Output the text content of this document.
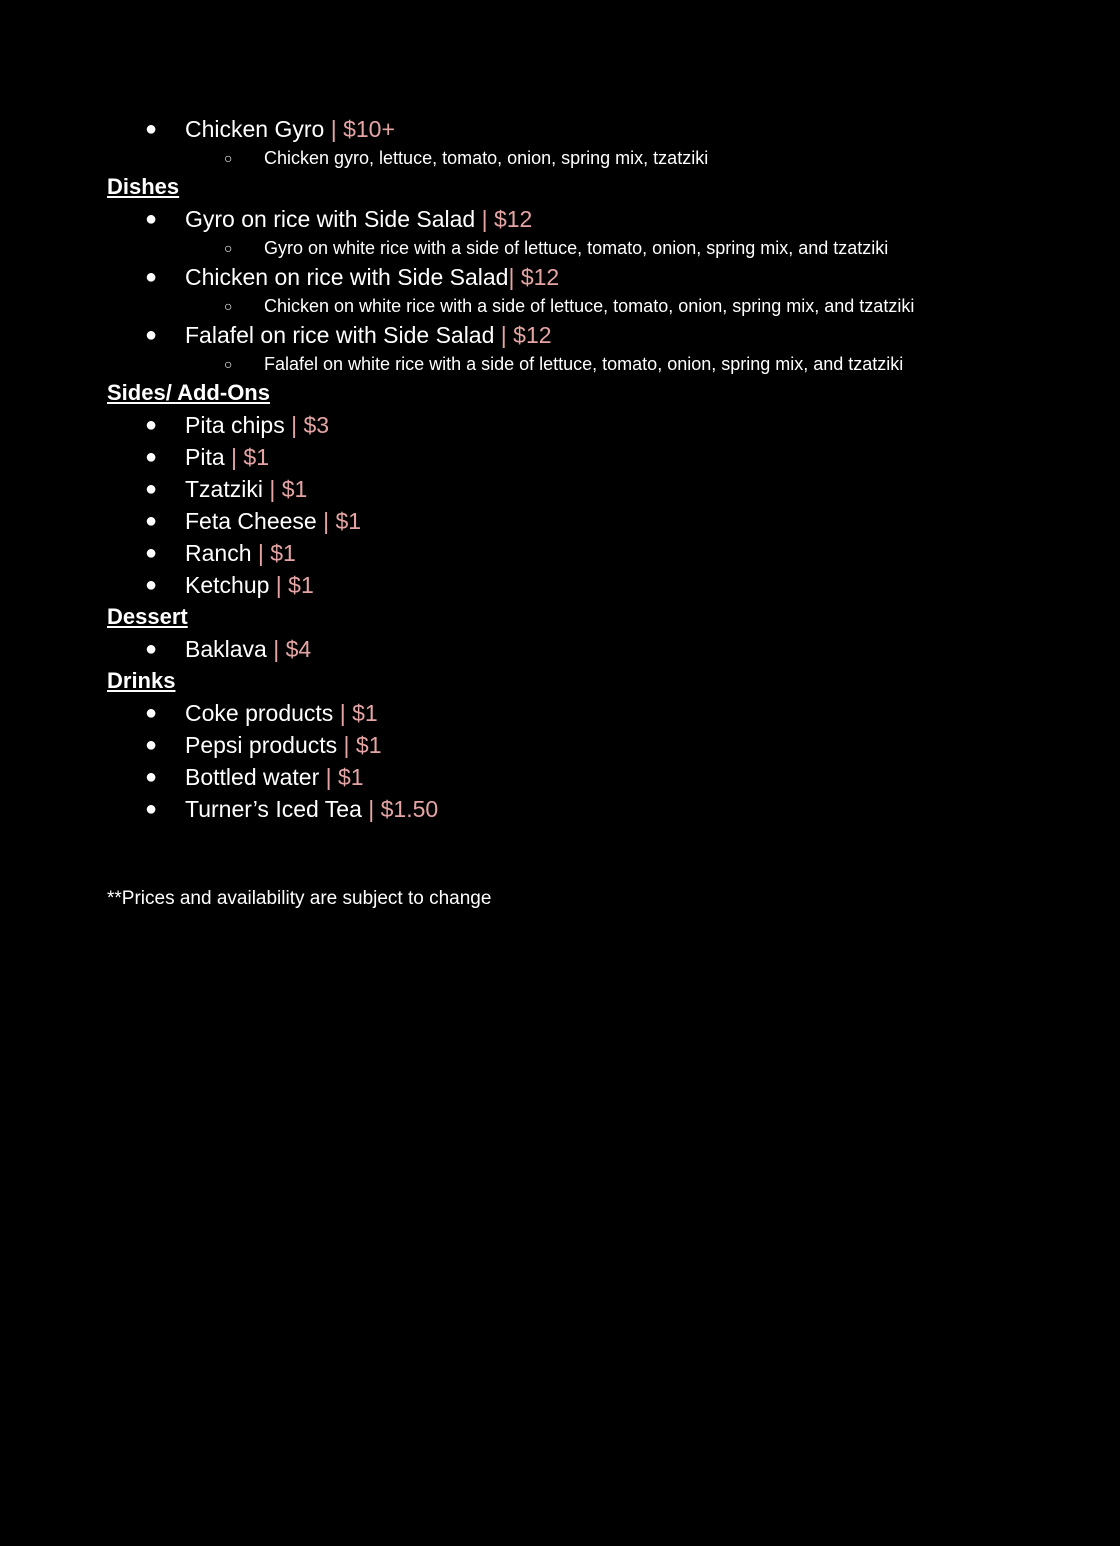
● Chicken Gyro | $10+
○ Chicken gyro, lettuce, tomato, onion, spring mix, tzatziki
Dishes
● Gyro on rice with Side Salad | $12
○ Gyro on white rice with a side of lettuce, tomato, onion, spring mix, and tzatziki
● Chicken on rice with Side Salad| $12
○ Chicken on white rice with a side of lettuce, tomato, onion, spring mix, and tzatziki
● Falafel on rice with Side Salad | $12
○ Falafel on white rice with a side of lettuce, tomato, onion, spring mix, and tzatziki
Sides/ Add-Ons
● Pita chips | $3
● Pita | $1
● Tzatziki | $1
● Feta Cheese | $1
● Ranch | $1
● Ketchup | $1
Dessert
● Baklava | $4
Drinks
● Coke products | $1
● Pepsi products | $1
● Bottled water | $1
● Turner’s Iced Tea | $1.50
**Prices and availability are subject to change
